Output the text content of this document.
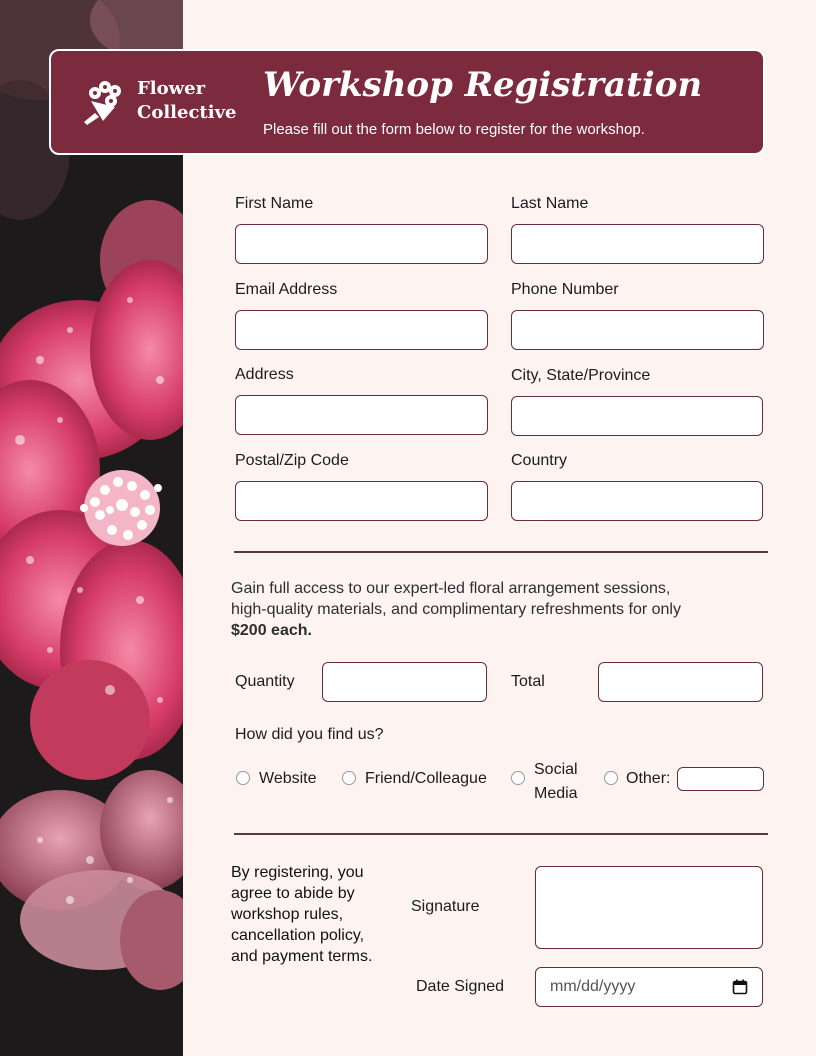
Flower
Collective
Workshop Registration
Please fill out the form below to register for the workshop.
First Name	Last Name
Email Address	Phone Number
Address	City, State/Province
Postal/Zip Code	Country
Gain full access to our expert-led floral arrangement sessions, high-quality materials, and complimentary refreshments for only $200 each.
Quantity	Total
How did you find us?
Website	Friend/Colleague
Social
Media
Other:
By registering, you agree to abide by workshop rules, cancellation policy, and payment terms.
Signature
Date Signed	mm/dd/yyyy
